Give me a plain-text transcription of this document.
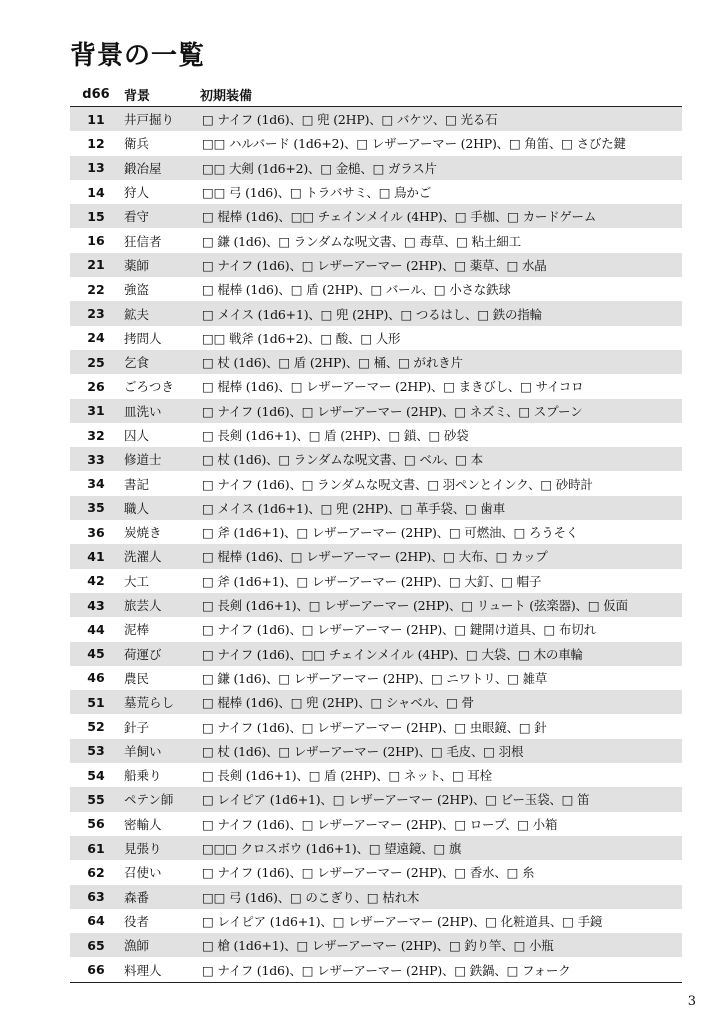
背景の一覧
d66	背景	初期装備
11	井戸掘り	□ ナイフ (1d6)、□ 兜 (2HP)、□ バケツ、□ 光る石
12	衛兵	□□ ハルバード (1d6+2)、□ レザーアーマー (2HP)、□ 角笛、□ さびた鍵
13	鍛冶屋	□□ 大剣 (1d6+2)、□ 金槌、□ ガラス片
14	狩人	□□ 弓 (1d6)、□ トラバサミ、□ 鳥かご
15	看守	□ 棍棒 (1d6)、□□ チェインメイル (4HP)、□ 手枷、□ カードゲーム
16	狂信者	□ 鎌 (1d6)、□ ランダムな呪文書、□ 毒草、□ 粘土細工
21	薬師	□ ナイフ (1d6)、□ レザーアーマー (2HP)、□ 薬草、□ 水晶
22	強盗	□ 棍棒 (1d6)、□ 盾 (2HP)、□ バール、□ 小さな鉄球
23	鉱夫	□ メイス (1d6+1)、□ 兜 (2HP)、□ つるはし、□ 鉄の指輪
24	拷問人	□□ 戦斧 (1d6+2)、□ 酸、□ 人形
25	乞食	□ 杖 (1d6)、□ 盾 (2HP)、□ 桶、□ がれき片
26	ごろつき	□ 棍棒 (1d6)、□ レザーアーマー (2HP)、□ まきびし、□ サイコロ
31	皿洗い	□ ナイフ (1d6)、□ レザーアーマー (2HP)、□ ネズミ、□ スプーン
32	囚人	□ 長剣 (1d6+1)、□ 盾 (2HP)、□ 鎖、□ 砂袋
33	修道士	□ 杖 (1d6)、□ ランダムな呪文書、□ ベル、□ 本
34	書記	□ ナイフ (1d6)、□ ランダムな呪文書、□ 羽ペンとインク、□ 砂時計
35	職人	□ メイス (1d6+1)、□ 兜 (2HP)、□ 革手袋、□ 歯車
36	炭焼き	□ 斧 (1d6+1)、□ レザーアーマー (2HP)、□ 可燃油、□ ろうそく
41	洗濯人	□ 棍棒 (1d6)、□ レザーアーマー (2HP)、□ 大布、□ カップ
42	大工	□ 斧 (1d6+1)、□ レザーアーマー (2HP)、□ 大釘、□ 帽子
43	旅芸人	□ 長剣 (1d6+1)、□ レザーアーマー (2HP)、□ リュート (弦楽器)、□ 仮面
44	泥棒	□ ナイフ (1d6)、□ レザーアーマー (2HP)、□ 鍵開け道具、□ 布切れ
45	荷運び	□ ナイフ (1d6)、□□ チェインメイル (4HP)、□ 大袋、□ 木の車輪
46	農民	□ 鎌 (1d6)、□ レザーアーマー (2HP)、□ ニワトリ、□ 雑草
51	墓荒らし	□ 棍棒 (1d6)、□ 兜 (2HP)、□ シャベル、□ 骨
52	針子	□ ナイフ (1d6)、□ レザーアーマー (2HP)、□ 虫眼鏡、□ 針
53	羊飼い	□ 杖 (1d6)、□ レザーアーマー (2HP)、□ 毛皮、□ 羽根
54	船乗り	□ 長剣 (1d6+1)、□ 盾 (2HP)、□ ネット、□ 耳栓
55	ペテン師	□ レイピア (1d6+1)、□ レザーアーマー (2HP)、□ ビー玉袋、□ 笛
56	密輸人	□ ナイフ (1d6)、□ レザーアーマー (2HP)、□ ロープ、□ 小箱
61	見張り	□□□ クロスボウ (1d6+1)、□ 望遠鏡、□ 旗
62	召使い	□ ナイフ (1d6)、□ レザーアーマー (2HP)、□ 香水、□ 糸
63	森番	□□ 弓 (1d6)、□ のこぎり、□ 枯れ木
64	役者	□ レイピア (1d6+1)、□ レザーアーマー (2HP)、□ 化粧道具、□ 手鏡
65	漁師	□ 槍 (1d6+1)、□ レザーアーマー (2HP)、□ 釣り竿、□ 小瓶
66	料理人	□ ナイフ (1d6)、□ レザーアーマー (2HP)、□ 鉄鍋、□ フォーク
3
